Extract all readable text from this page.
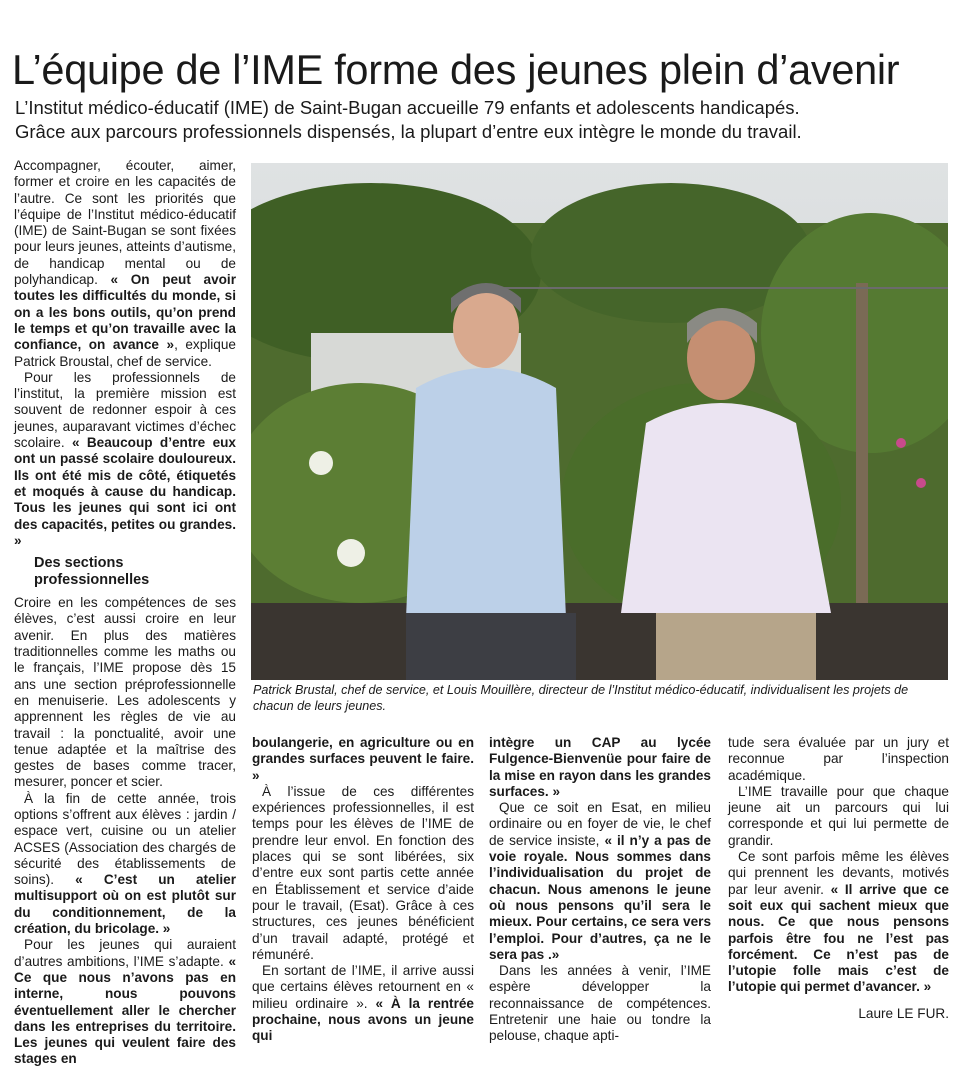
L’équipe de l’IME forme des jeunes plein d’avenir

L’Institut médico-éducatif (IME) de Saint-Bugan accueille 79 enfants et adolescents handicapés.

Grâce aux parcours professionnels dispensés, la plupart d’entre eux intègre le monde du travail.

Accompagner, écouter, aimer, former et croire en les capacités de l’autre. Ce sont les priorités que l’équipe de l’Institut médico-éducatif (IME) de Saint-Bugan se sont fixées pour leurs jeunes, atteints d’autisme, de handicap mental ou de polyhandicap. « On peut avoir toutes les difficultés du monde, si on a les bons outils, qu’on prend le temps et qu’on travaille avec la confiance, on avance », explique Patrick Broustal, chef de service.

Pour les professionnels de l’institut, la première mission est souvent de redonner espoir à ces jeunes, auparavant victimes d’échec scolaire. « Beaucoup d’entre eux ont un passé scolaire douloureux. Ils ont été mis de côté, étiquetés et moqués à cause du handicap. Tous les jeunes qui sont ici ont des capacités, petites ou grandes. »

Des sections professionnelles

Croire en les compétences de ses élèves, c’est aussi croire en leur avenir. En plus des matières traditionnelles comme les maths ou le français, l’IME propose dès 15 ans une section préprofessionnelle en menuiserie. Les adolescents y apprennent les règles de vie au travail : la ponctualité, avoir une tenue adaptée et la maîtrise des gestes de bases comme tracer, mesurer, poncer et scier.

À la fin de cette année, trois options s’offrent aux élèves : jardin / espace vert, cuisine ou un atelier ACSES (Association des chargés de sécurité des établissements de soins). « C’est un atelier multisupport où on est plutôt sur du conditionnement, de la création, du bricolage. »

Pour les jeunes qui auraient d’autres ambitions, l’IME s’adapte. « Ce que nous n’avons pas en interne, nous pouvons éventuellement aller le chercher dans les entreprises du territoire. Les jeunes qui veulent faire des stages en

Patrick Brustal, chef de service, et Louis Mouillère, directeur de l’Institut médico-éducatif, individualisent les projets de chacun de leurs jeunes.

boulangerie, en agriculture ou en grandes surfaces peuvent le faire. »

À l’issue de ces différentes expériences professionnelles, il est temps pour les élèves de l’IME de prendre leur envol. En fonction des places qui se sont libérées, six d’entre eux sont partis cette année en Établissement et service d’aide pour le travail, (Esat). Grâce à ces structures, ces jeunes bénéficient d’un travail adapté, protégé et rémunéré.

En sortant de l’IME, il arrive aussi que certains élèves retournent en « milieu ordinaire ». « À la rentrée prochaine, nous avons un jeune qui

intègre un CAP au lycée Fulgence-Bienvenüe pour faire de la mise en rayon dans les grandes surfaces. »

Que ce soit en Esat, en milieu ordinaire ou en foyer de vie, le chef de service insiste, « il n’y a pas de voie royale. Nous sommes dans l’individualisation du projet de chacun. Nous amenons le jeune où nous pensons qu’il sera le mieux. Pour certains, ce sera vers l’emploi. Pour d’autres, ça ne le sera pas .»

Dans les années à venir, l’IME espère développer la reconnaissance de compétences. Entretenir une haie ou tondre la pelouse, chaque apti-

tude sera évaluée par un jury et reconnue par l’inspection académique.

L’IME travaille pour que chaque jeune ait un parcours qui lui corresponde et qui lui permette de grandir.

Ce sont parfois même les élèves qui prennent les devants, motivés par leur avenir. « Il arrive que ce soit eux qui sachent mieux que nous. Ce que nous pensons parfois être fou ne l’est pas forcément. Ce n’est pas de l’utopie folle mais c’est de l’utopie qui permet d’avancer. »

Laure LE FUR.
